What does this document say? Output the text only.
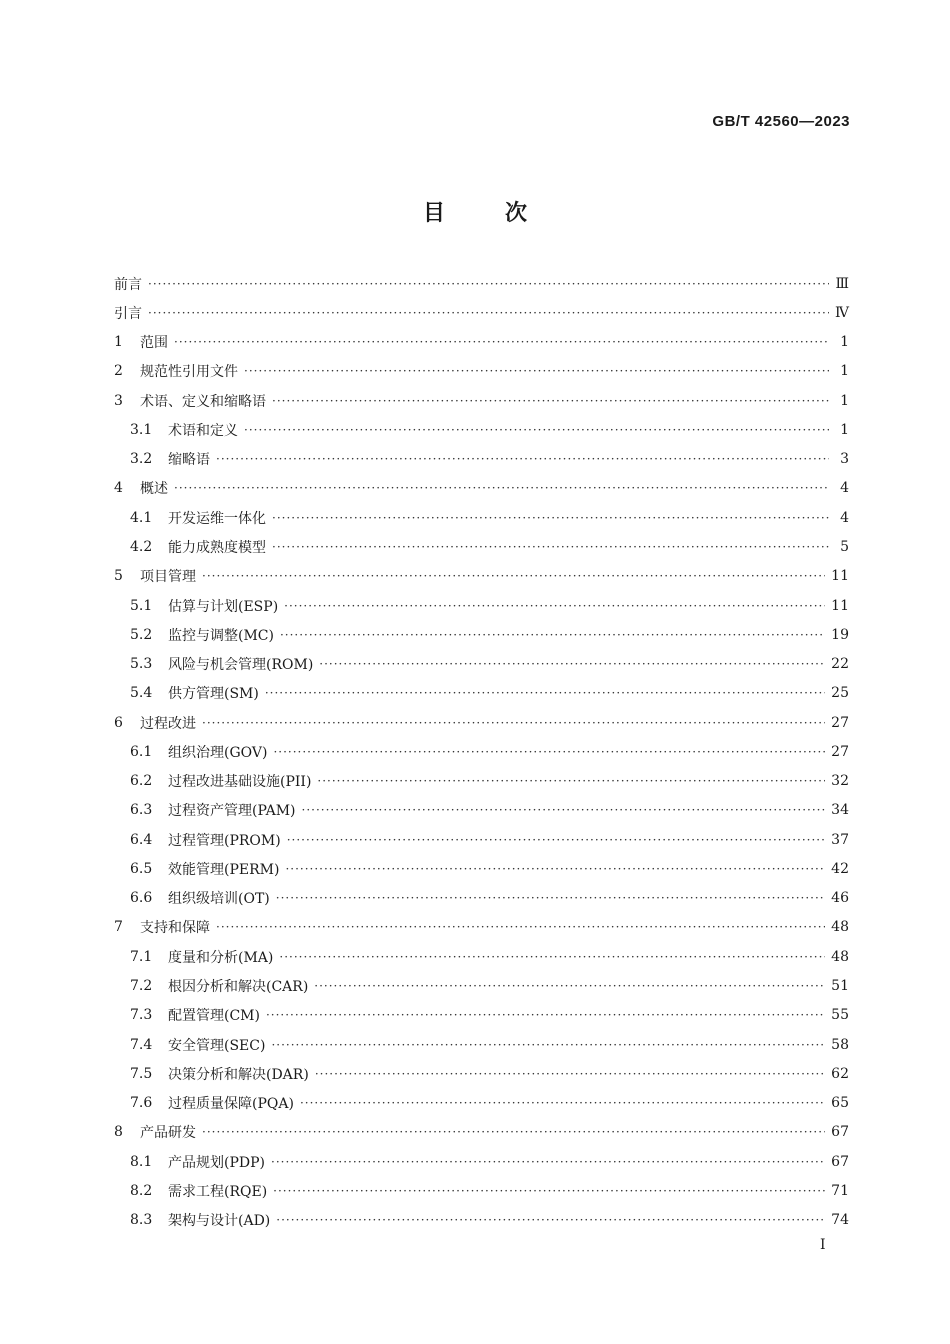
GB/T 42560—2023
目	次
前言 ·····	Ⅲ
引言 ·····	Ⅳ
1	范围 ·····	1
2	规范性引用文件 ·····	1
3	术语、定义和缩略语 ·····	1
3.1	术语和定义 ·····	1
3.2	缩略语 ·····	3
4	概述 ·····	4
4.1	开发运维一体化 ·····	4
4.2	能力成熟度模型 ·····	5
5	项目管理 ·····	11
5.1	估算与计划(ESP) ·····	11
5.2	监控与调整(MC) ·····	19
5.3	风险与机会管理(ROM) ·····	22
5.4	供方管理(SM) ·····	25
6	过程改进 ·····	27
6.1	组织治理(GOV) ·····	27
6.2	过程改进基础设施(PII) ·····	32
6.3	过程资产管理(PAM) ·····	34
6.4	过程管理(PROM) ·····	37
6.5	效能管理(PERM) ·····	42
6.6	组织级培训(OT) ·····	46
7	支持和保障 ·····	48
7.1	度量和分析(MA) ·····	48
7.2	根因分析和解决(CAR) ·····	51
7.3	配置管理(CM) ·····	55
7.4	安全管理(SEC) ·····	58
7.5	决策分析和解决(DAR) ·····	62
7.6	过程质量保障(PQA) ·····	65
8	产品研发 ·····	67
8.1	产品规划(PDP) ·····	67
8.2	需求工程(RQE) ·····	71
8.3	架构与设计(AD) ·····	74
I
